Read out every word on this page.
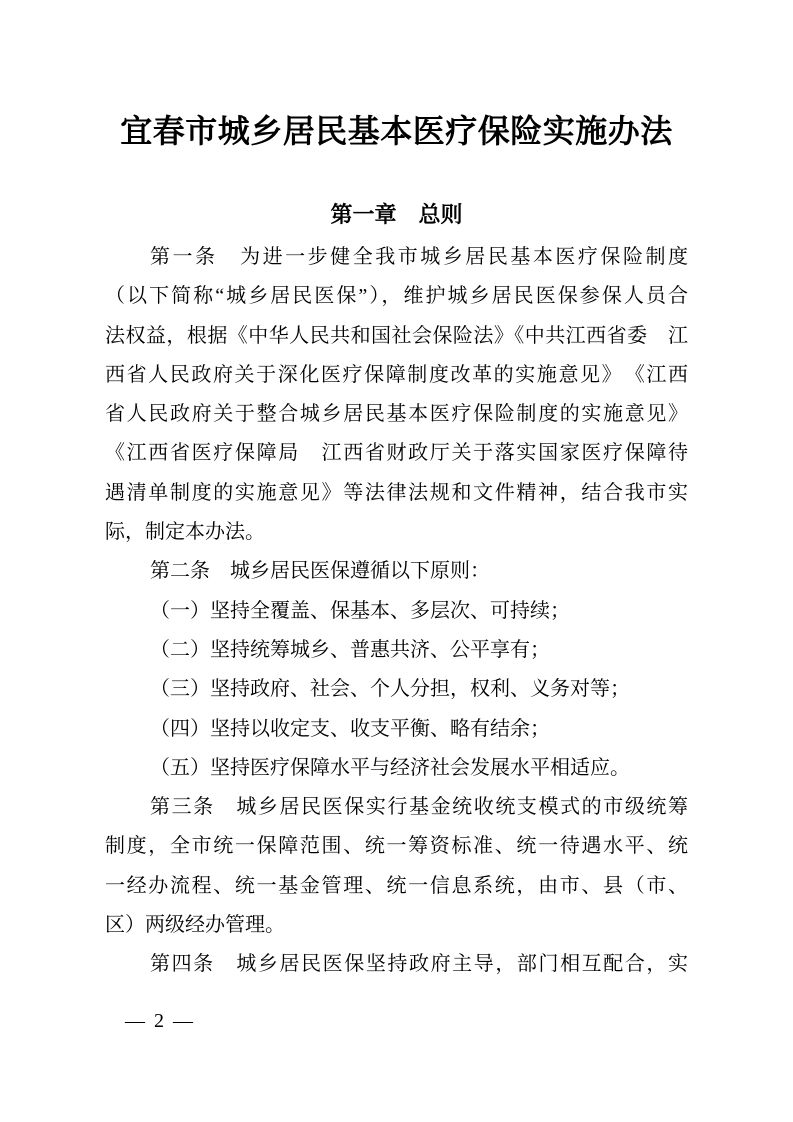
宜春市城乡居民基本医疗保险实施办法
第一章　总则
第一条　为进一步健全我市城乡居民基本医疗保险制度
（以下简称“城乡居民医保”），维护城乡居民医保参保人员合
法权益，根据《中华人民共和国社会保险法》《中共江西省委　江
西省人民政府关于深化医疗保障制度改革的实施意见》　《江西
省人民政府关于整合城乡居民基本医疗保险制度的实施意见》
《江西省医疗保障局　江西省财政厅关于落实国家医疗保障待
遇清单制度的实施意见》等法律法规和文件精神，结合我市实
际，制定本办法。
第二条　城乡居民医保遵循以下原则：
（一）坚持全覆盖、保基本、多层次、可持续；
（二）坚持统筹城乡、普惠共济、公平享有；
（三）坚持政府、社会、个人分担，权利、义务对等；
（四）坚持以收定支、收支平衡、略有结余；
（五）坚持医疗保障水平与经济社会发展水平相适应。
第三条　城乡居民医保实行基金统收统支模式的市级统筹
制度，全市统一保障范围、统一筹资标准、统一待遇水平、统
一经办流程、统一基金管理、统一信息系统，由市、县（市、
区）两级经办管理。
第四条　城乡居民医保坚持政府主导，部门相互配合，实
— 2 —
